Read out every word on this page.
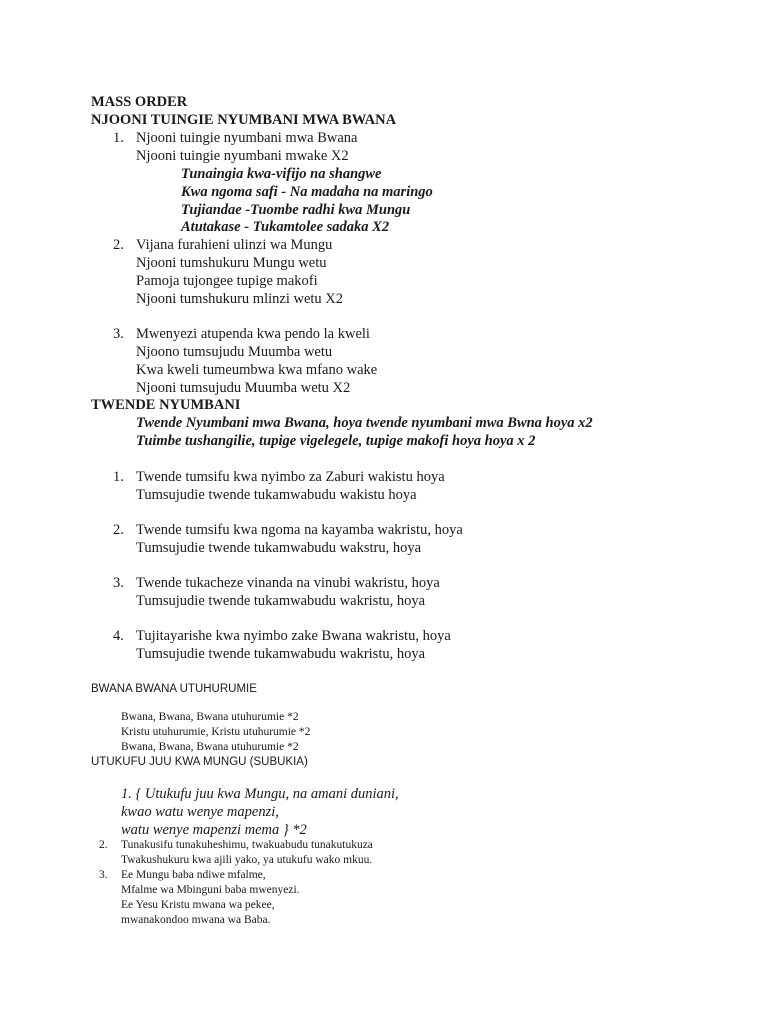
MASS ORDER
NJOONI TUINGIE NYUMBANI MWA BWANA
1. Njooni tuingie nyumbani mwa Bwana
Njooni tuingie nyumbani mwake X2
Tunaingia kwa-vifijo na shangwe
Kwa ngoma safi - Na madaha na maringo
Tujiandae -Tuombe radhi kwa Mungu
Atutakase - Tukamtolee sadaka X2
2. Vijana furahieni ulinzi wa Mungu
Njooni tumshukuru Mungu wetu
Pamoja tujongee tupige makofi
Njooni tumshukuru mlinzi wetu X2
3. Mwenyezi atupenda kwa pendo la kweli
Njoono tumsujudu Muumba wetu
Kwa kweli tumeumbwa kwa mfano wake
Njooni tumsujudu Muumba wetu X2
TWENDE NYUMBANI
Twende Nyumbani mwa Bwana, hoya twende nyumbani mwa Bwna hoya x2
Tuimbe tushangilie, tupige vigelegele, tupige makofi hoya hoya x 2
1. Twende tumsifu kwa nyimbo za Zaburi wakistu hoya
Tumsujudie twende tukamwabudu wakistu hoya
2. Twende tumsifu kwa ngoma na kayamba wakristu, hoya
Tumsujudie twende tukamwabudu wakstru, hoya
3. Twende tukacheze vinanda na vinubi wakristu, hoya
Tumsujudie twende tukamwabudu wakristu, hoya
4. Tujitayarishe kwa nyimbo zake Bwana wakristu, hoya
Tumsujudie twende tukamwabudu wakristu, hoya
BWANA BWANA UTUHURUMIE
Bwana, Bwana, Bwana utuhurumie *2
Kristu utuhurumie, Kristu utuhurumie *2
Bwana, Bwana, Bwana utuhurumie *2
UTUKUFU JUU KWA MUNGU (SUBUKIA)
1. { Utukufu juu kwa Mungu, na amani duniani,
kwao watu wenye mapenzi,
watu wenye mapenzi mema } *2
2. Tunakusifu tunakuheshimu, twakuabudu tunakutukuza
Twakushukuru kwa ajili yako, ya utukufu wako mkuu.
3. Ee Mungu baba ndiwe mfalme,
Mfalme wa Mbinguni baba mwenyezi.
Ee Yesu Kristu mwana wa pekee,
mwanakondoo mwana wa Baba.
